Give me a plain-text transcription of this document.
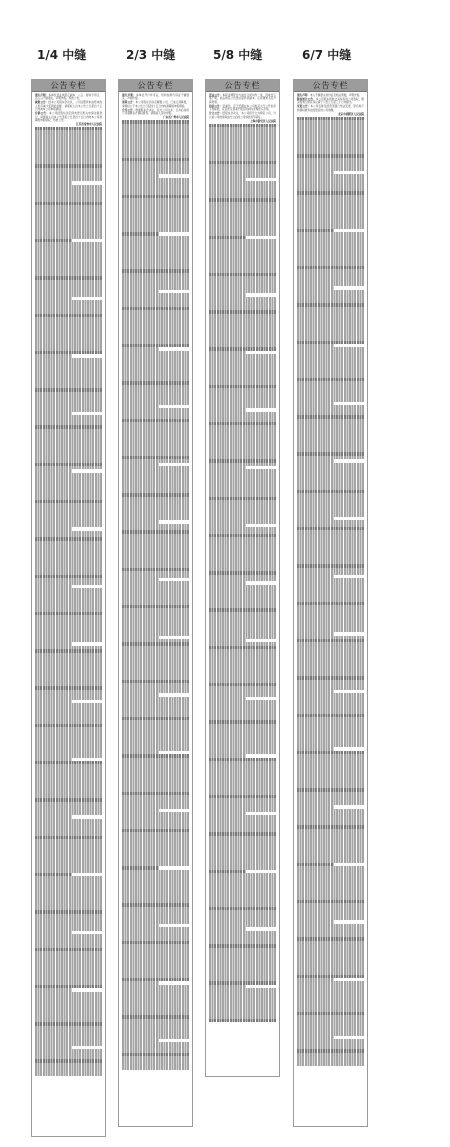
1/4 中缝	2/3 中缝	5/8 中缝	6/7 中缝
公告专栏

遗失声明：本单位营业执照正副本、公章、财务专用章、法人章不慎遗失，声明作废。特此公告。

减资公告：经本公司股东会决议，公司注册资本由原来的人民币减少至新的金额，请债权人自本公告之日起四十五日内向本公司申报债权。

注销公告：本公司经股东决定拟向登记机关申请注销登记，请债权人自本公告见报之日起四十五日内向本公司清算组申报债权，特此公告。

江苏省常州市人民法院

公告专栏

遗失声明：本单位开户许可证、机构信用代码证不慎遗失，声明作废。

清算公告：本公司股东会决定解散公司，已成立清算组，请债权人于本公告之日起四十五日内向清算组申报债权。

合并公告：根据股东会决议，双方公司合并，合并后存续公司承继各方债权债务，请债权人及时申报。

广东省广州市人民法院

公告专栏

送达公告：本院受理原告与被告合同纠纷一案，因被告下落不明，依法向其公告送达起诉状副本、应诉通知书及开庭传票。

拍卖公告：受委托，定于近期在本公司拍卖大厅公开拍卖下列标的，有意竞买者请于规定时间内办理竞买手续。

分立公告：经股东会决议，本公司拟分立为两家公司，分立前公司的债务由分立后的公司承担连带责任。

上海市静安区人民法院

公告专栏

遗失声明：本人不慎遗失身份证及相关票据，声明作废。

股权转让公告：本公司股东拟转让其持有的公司股权，相关权利人如有异议请于公告之日起三十日内提出。

变更公告：本公司名称及经营范围已依法变更，原名称下的债权债务由变更后的公司承继。

北京市朝阳区人民法院
